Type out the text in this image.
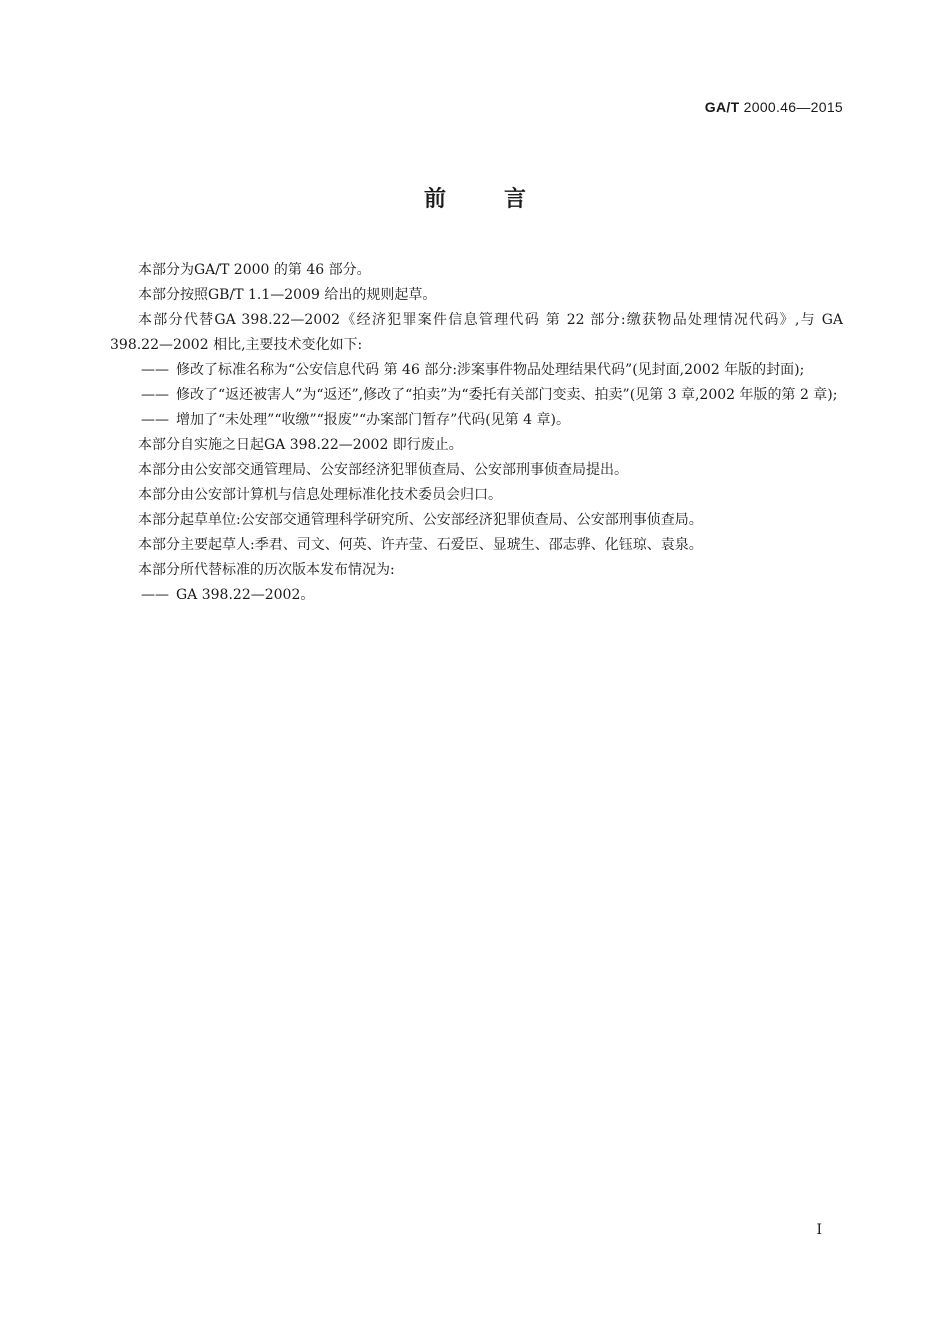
GA/T 2000.46—2015
前言

本部分为GA/T 2000 的第 46 部分。

本部分按照GB/T 1.1—2009 给出的规则起草。

本部分代替GA 398.22—2002《经济犯罪案件信息管理代码 第 22 部分:缴获物品处理情况代码》,与 GA 398.22—2002 相比,主要技术变化如下:

—— 修改了标准名称为“公安信息代码 第 46 部分:涉案事件物品处理结果代码”(见封面,2002 年版的封面);

—— 修改了“返还被害人”为“返还”,修改了“拍卖”为“委托有关部门变卖、拍卖”(见第 3 章,2002 年版的第 2 章);

—— 增加了“未处理”“收缴”“报废”“办案部门暂存”代码(见第 4 章)。

本部分自实施之日起GA 398.22—2002 即行废止。

本部分由公安部交通管理局、公安部经济犯罪侦查局、公安部刑事侦查局提出。

本部分由公安部计算机与信息处理标准化技术委员会归口。

本部分起草单位:公安部交通管理科学研究所、公安部经济犯罪侦查局、公安部刑事侦查局。

本部分主要起草人:季君、司文、何英、许卉莹、石爱臣、显琥生、邵志骅、化钰琼、袁泉。

本部分所代替标准的历次版本发布情况为:

—— GA 398.22—2002。

I
